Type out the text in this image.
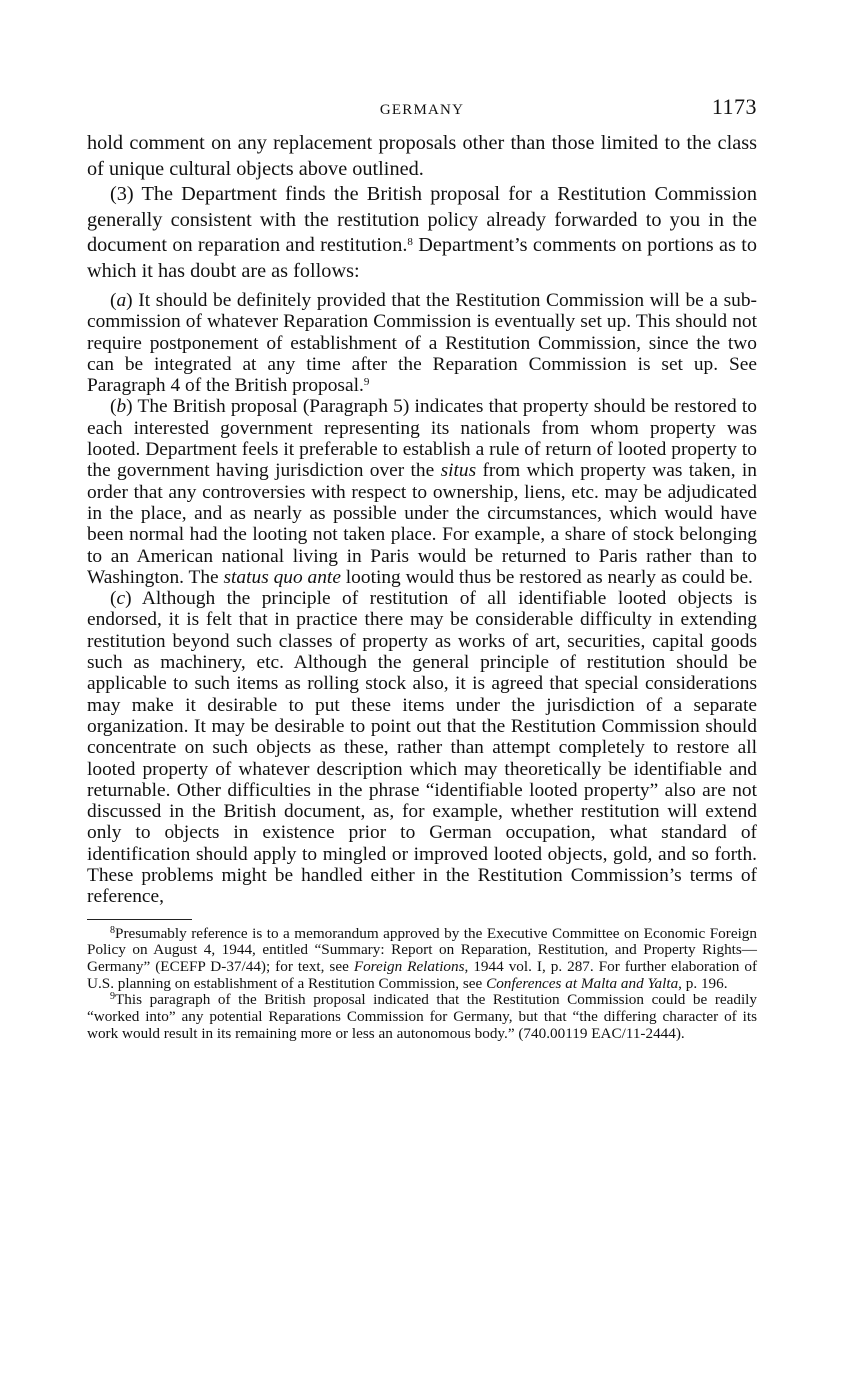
GERMANY	1173

hold comment on any replacement proposals other than those limited to the class of unique cultural objects above outlined.

(3) The Department finds the British proposal for a Restitution Commission generally consistent with the restitution policy already forwarded to you in the document on reparation and restitution.$^8$ Department’s comments on portions as to which it has doubt are as follows:

(a) It should be definitely provided that the Restitution Commission will be a sub-commission of whatever Reparation Commission is eventually set up. This should not require postponement of establishment of a Restitution Commission, since the two can be integrated at any time after the Reparation Commission is set up. See Paragraph 4 of the British proposal.$^9$

(b) The British proposal (Paragraph 5) indicates that property should be restored to each interested government representing its nationals from whom property was looted. Department feels it preferable to establish a rule of return of looted property to the government having jurisdiction over the situs from which property was taken, in order that any controversies with respect to ownership, liens, etc. may be adjudicated in the place, and as nearly as possible under the circumstances, which would have been normal had the looting not taken place. For example, a share of stock belonging to an American national living in Paris would be returned to Paris rather than to Washington. The status quo ante looting would thus be restored as nearly as could be.

(c) Although the principle of restitution of all identifiable looted objects is endorsed, it is felt that in practice there may be considerable difficulty in extending restitution beyond such classes of property as works of art, securities, capital goods such as machinery, etc. Although the general principle of restitution should be applicable to such items as rolling stock also, it is agreed that special considerations may make it desirable to put these items under the jurisdiction of a separate organization. It may be desirable to point out that the Restitution Commission should concentrate on such objects as these, rather than attempt completely to restore all looted property of whatever description which may theoretically be identifiable and returnable. Other difficulties in the phrase “identifiable looted property” also are not discussed in the British document, as, for example, whether restitution will extend only to objects in existence prior to German occupation, what standard of identification should apply to mingled or improved looted objects, gold, and so forth. These problems might be handled either in the Restitution Commission’s terms of reference,

$^8$Presumably reference is to a memorandum approved by the Executive Committee on Economic Foreign Policy on August 4, 1944, entitled “Summary: Report on Reparation, Restitution, and Property Rights—Germany” (ECEFP D-37/44); for text, see Foreign Relations, 1944 vol. I, p. 287. For further elaboration of U.S. planning on establishment of a Restitution Commission, see Conferences at Malta and Yalta, p. 196.

$^9$This paragraph of the British proposal indicated that the Restitution Commission could be readily “worked into” any potential Reparations Commission for Germany, but that “the differing character of its work would result in its remaining more or less an autonomous body.” (740.00119 EAC/11-2444).
